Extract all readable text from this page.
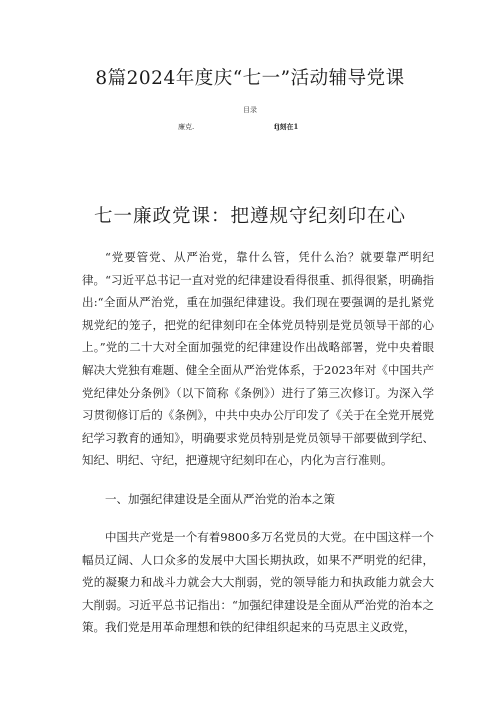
8篇2024年度庆“七一”活动辅导党课
目录
廉克.	fj刻在1
七一廉政党课：把遵规守纪刻印在心

“党要管党、从严治党，靠什么管，凭什么治？就要靠严明纪律。“习近平总书记一直对党的纪律建设看得很重、抓得很紧，明确指出:“全面从严治党，重在加强纪律建设。我们现在要强调的是扎紧党规党纪的笼子，把党的纪律刻印在全体党员特别是党员领导干部的心上。”党的二十大对全面加强党的纪律建设作出战略部署，党中央着眼解决大党独有难题、健全全面从严治党体系，于2023年对《中国共产党纪律处分条例》（以下简称《条例》）进行了第三次修订。为深入学习贯彻修订后的《条例》，中共中央办公厅印发了《关于在全党开展党纪学习教育的通知》，明确要求党员特别是党员领导干部要做到学纪、知纪、明纪、守纪，把遵规守纪刻印在心，内化为言行准则。

一、加强纪律建设是全面从严治党的治本之策

中国共产党是一个有着9800多万名党员的大党。在中国这样一个幅员辽阔、人口众多的发展中大国长期执政，如果不严明党的纪律，党的凝聚力和战斗力就会大大削弱，党的领导能力和执政能力就会大大削弱。习近平总书记指出：“加强纪律建设是全面从严治党的治本之策。我们党是用革命理想和铁的纪律组织起来的马克思主义政党，
